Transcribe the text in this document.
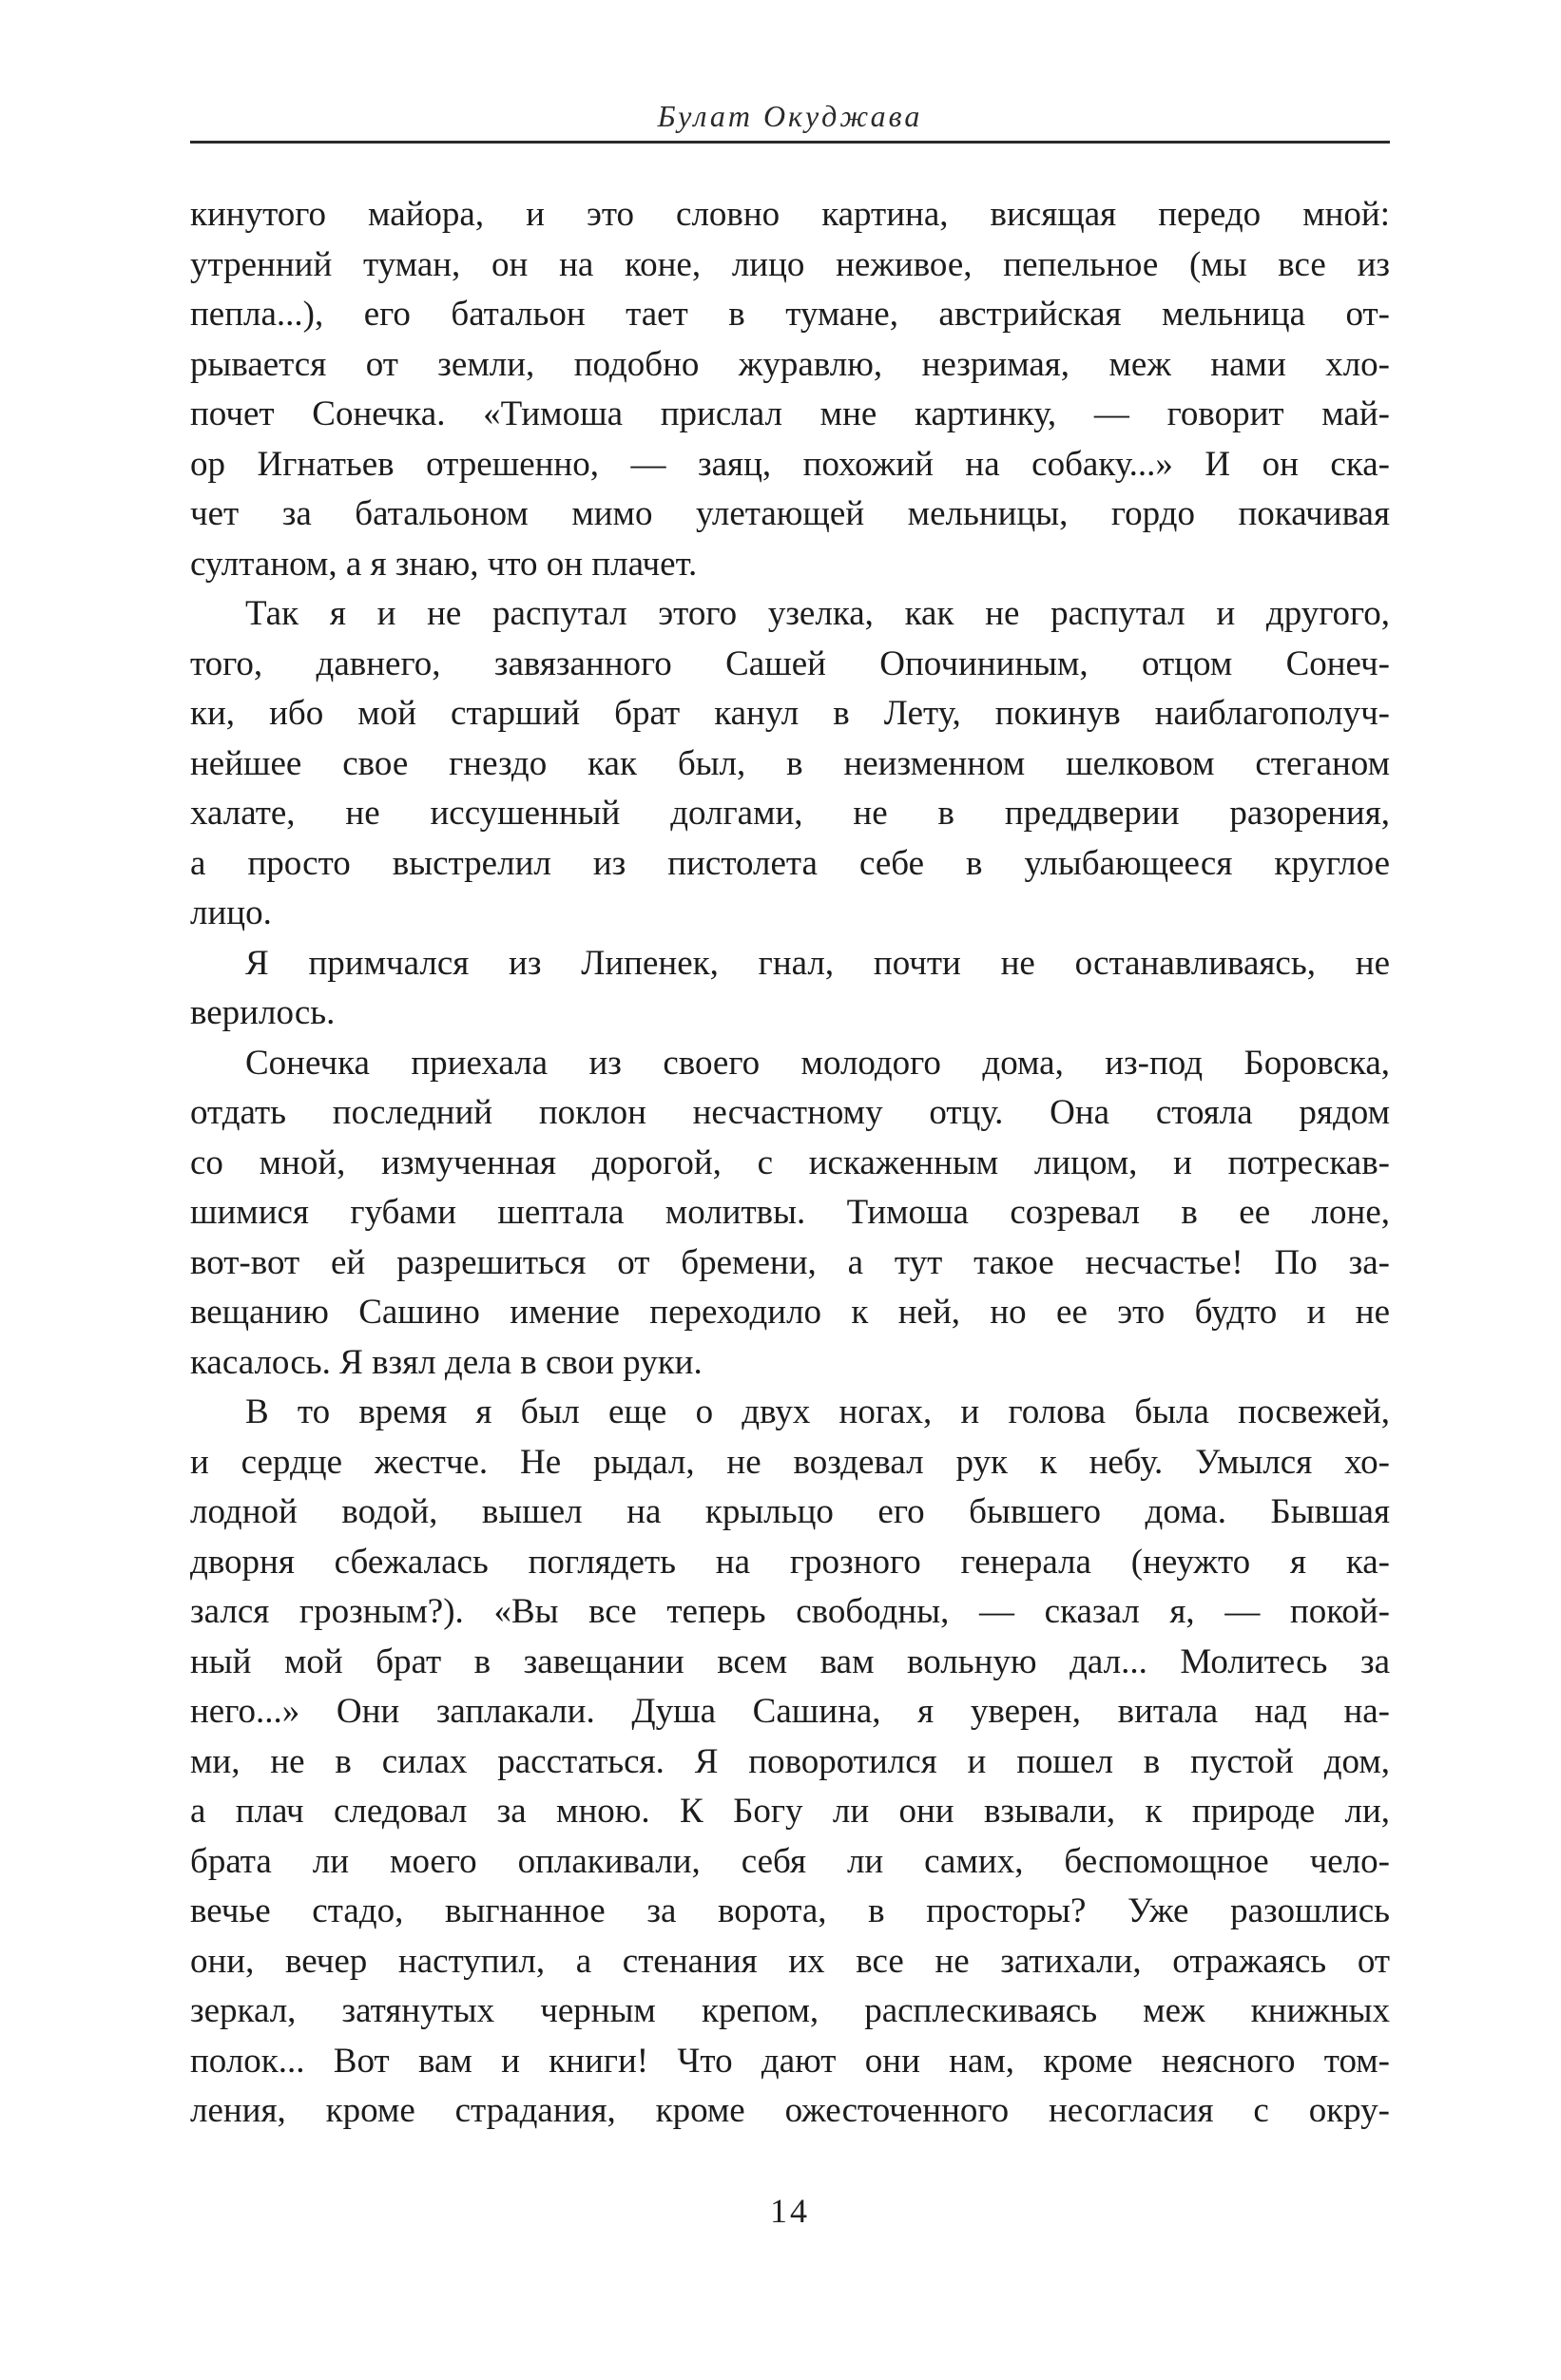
Булат Окуджава
кинутого майора, и это словно картина, висящая передо мной:
утренний туман, он на коне, лицо неживое, пепельное (мы все из
пепла...), его батальон тает в тумане, австрийская мельница от-
рывается от земли, подобно журавлю, незримая, меж нами хло-
почет Сонечка. «Тимоша прислал мне картинку, — говорит май-
ор Игнатьев отрешенно, — заяц, похожий на собаку...» И он ска-
чет за батальоном мимо улетающей мельницы, гордо покачивая
султаном, а я знаю, что он плачет.
Так я и не распутал этого узелка, как не распутал и другого,
того, давнего, завязанного Сашей Опочининым, отцом Сонеч-
ки, ибо мой старший брат канул в Лету, покинув наиблагополуч-
нейшее свое гнездо как был, в неизменном шелковом стеганом
халате, не иссушенный долгами, не в преддверии разорения,
а просто выстрелил из пистолета себе в улыбающееся круглое
лицо.
Я примчался из Липенек, гнал, почти не останавливаясь, не
верилось.
Сонечка приехала из своего молодого дома, из-под Боровска,
отдать последний поклон несчастному отцу. Она стояла рядом
со мной, измученная дорогой, с искаженным лицом, и потрескав-
шимися губами шептала молитвы. Тимоша созревал в ее лоне,
вот-вот ей разрешиться от бремени, а тут такое несчастье! По за-
вещанию Сашино имение переходило к ней, но ее это будто и не
касалось. Я взял дела в свои руки.
В то время я был еще о двух ногах, и голова была посвежей,
и сердце жестче. Не рыдал, не воздевал рук к небу. Умылся хо-
лодной водой, вышел на крыльцо его бывшего дома. Бывшая
дворня сбежалась поглядеть на грозного генерала (неужто я ка-
зался грозным?). «Вы все теперь свободны, — сказал я, — покой-
ный мой брат в завещании всем вам вольную дал... Молитесь за
него...» Они заплакали. Душа Сашина, я уверен, витала над на-
ми, не в силах расстаться. Я поворотился и пошел в пустой дом,
а плач следовал за мною. К Богу ли они взывали, к природе ли,
брата ли моего оплакивали, себя ли самих, беспомощное чело-
вечье стадо, выгнанное за ворота, в просторы? Уже разошлись
они, вечер наступил, а стенания их все не затихали, отражаясь от
зеркал, затянутых черным крепом, расплескиваясь меж книжных
полок... Вот вам и книги! Что дают они нам, кроме неясного том-
ления, кроме страдания, кроме ожесточенного несогласия с окру-
14
